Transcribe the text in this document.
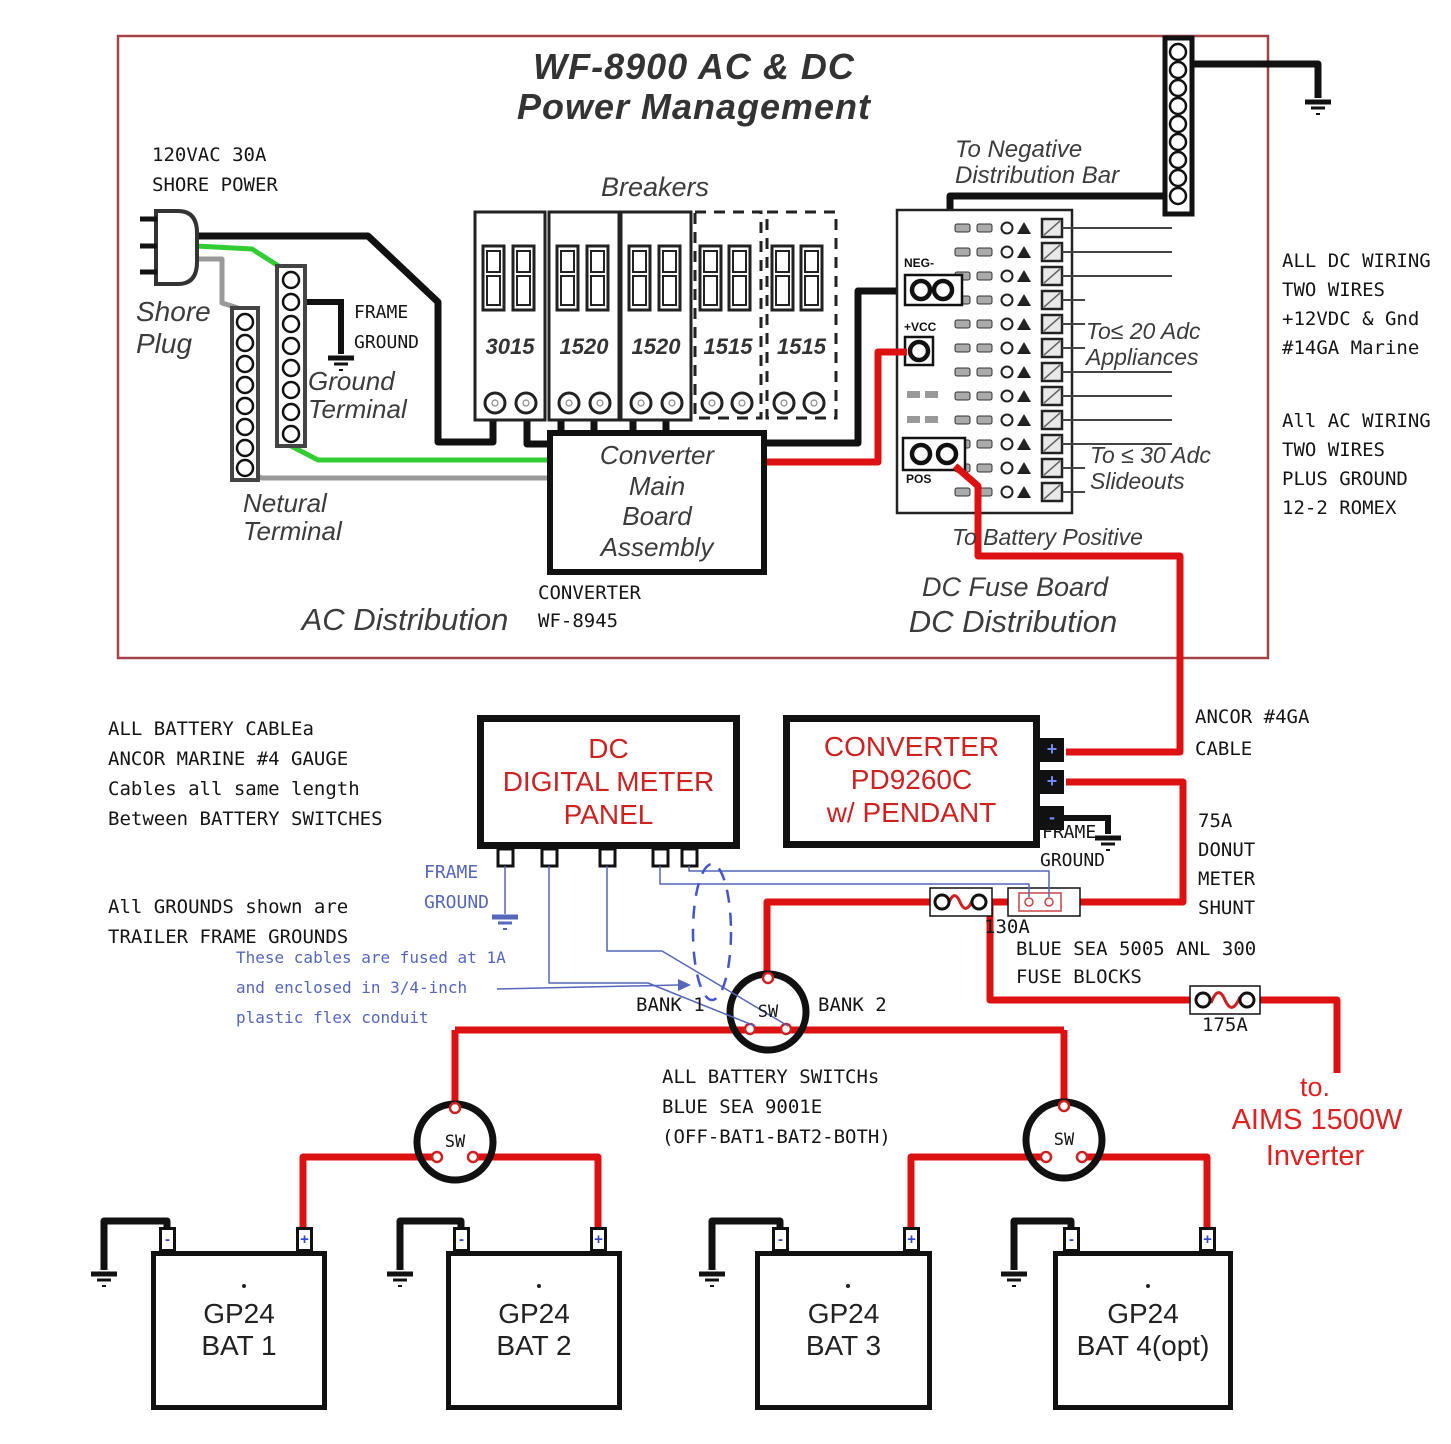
WF-8900 AC & DC
Power Management
120VAC 30A
SHORE POWER
Shore
Plug
FRAME
GROUND
Ground
Terminal
Netural
Terminal
Breakers
3015	1520	1520	1515	1515
Converter
Main
Board
Assembly
CONVERTER
WF-8945
AC Distribution
To Negative
Distribution Bar
NEG-
+VCC
POS
To≤ 20 Adc
Appliances
To ≤ 30 Adc
Slideouts
To Battery Positive
DC Fuse Board
DC Distribution
ALL DC WIRING
TWO WIRES
+12VDC & Gnd
#14GA Marine
All AC WIRING
TWO WIRES
PLUS GROUND
12-2 ROMEX
ALL BATTERY CABLEa
ANCOR MARINE #4 GAUGE
Cables all same length
Between BATTERY SWITCHES
All GROUNDS shown are
TRAILER FRAME GROUNDS
DC
DIGITAL METER
PANEL
FRAME
GROUND
CONVERTER
PD9260C
w/ PENDANT
+
+
-
FRAME
GROUND
ANCOR #4GA
CABLE
75A
DONUT
METER
SHUNT
130A
BLUE SEA 5005 ANL 300
FUSE BLOCKS
175A
These cables are fused at 1A
and enclosed in 3/4-inch
plastic flex conduit
BANK 1	BANK 2
SW
SW	SW
ALL BATTERY SWITCHs
BLUE SEA 9001E
(OFF-BAT1-BAT2-BOTH)
to.
AIMS 1500W
Inverter
GP24
BAT 1
GP24
BAT 2
GP24
BAT 3
GP24
BAT 4(opt)
-	+	-	+	-	+	-	+
